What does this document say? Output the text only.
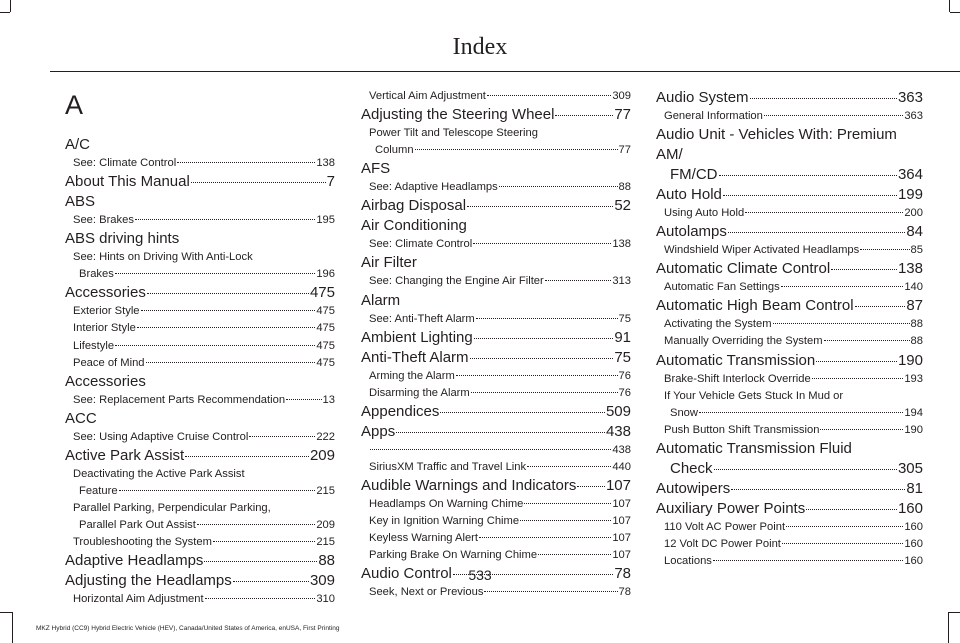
Index
A
A/C
See: Climate Control	138
About This Manual	7
ABS
See: Brakes	195
ABS driving hints
See: Hints on Driving With Anti-Lock
Brakes	196
Accessories	475
Exterior Style	475
Interior Style	475
Lifestyle	475
Peace of Mind	475
Accessories
See: Replacement Parts Recommendation	13
ACC
See: Using Adaptive Cruise Control	222
Active Park Assist	209
Deactivating the Active Park Assist
Feature	215
Parallel Parking, Perpendicular Parking,
Parallel Park Out Assist	209
Troubleshooting the System	215
Adaptive Headlamps	88
Adjusting the Headlamps	309
Horizontal Aim Adjustment	310
Vertical Aim Adjustment	309
Adjusting the Steering Wheel	77
Power Tilt and Telescope Steering
Column	77
AFS
See: Adaptive Headlamps	88
Airbag Disposal	52
Air Conditioning
See: Climate Control	138
Air Filter
See: Changing the Engine Air Filter	313
Alarm
See: Anti-Theft Alarm	75
Ambient Lighting	91
Anti-Theft Alarm	75
Arming the Alarm	76
Disarming the Alarm	76
Appendices	509
Apps	438
438
SiriusXM Traffic and Travel Link	440
Audible Warnings and Indicators 107
Headlamps On Warning Chime	107
Key in Ignition Warning Chime	107
Keyless Warning Alert	107
Parking Brake On Warning Chime	107
Audio Control	78
Seek, Next or Previous	78
Audio System	363
General Information	363
Audio Unit - Vehicles With: Premium AM/
FM/CD	364
Auto Hold	199
Using Auto Hold	200
Autolamps	84
Windshield Wiper Activated Headlamps	85
Automatic Climate Control	138
Automatic Fan Settings	140
Automatic High Beam Control	87
Activating the System	88
Manually Overriding the System	88
Automatic Transmission	190
Brake-Shift Interlock Override	193
If Your Vehicle Gets Stuck In Mud or
Snow	194
Push Button Shift Transmission	190
Automatic Transmission Fluid
Check	305
Autowipers	81
Auxiliary Power Points	160
110 Volt AC Power Point	160
12 Volt DC Power Point	160
Locations	160
533
MKZ Hybrid (CC9) Hybrid Electric Vehicle (HEV), Canada/United States of America, enUSA, First Printing
